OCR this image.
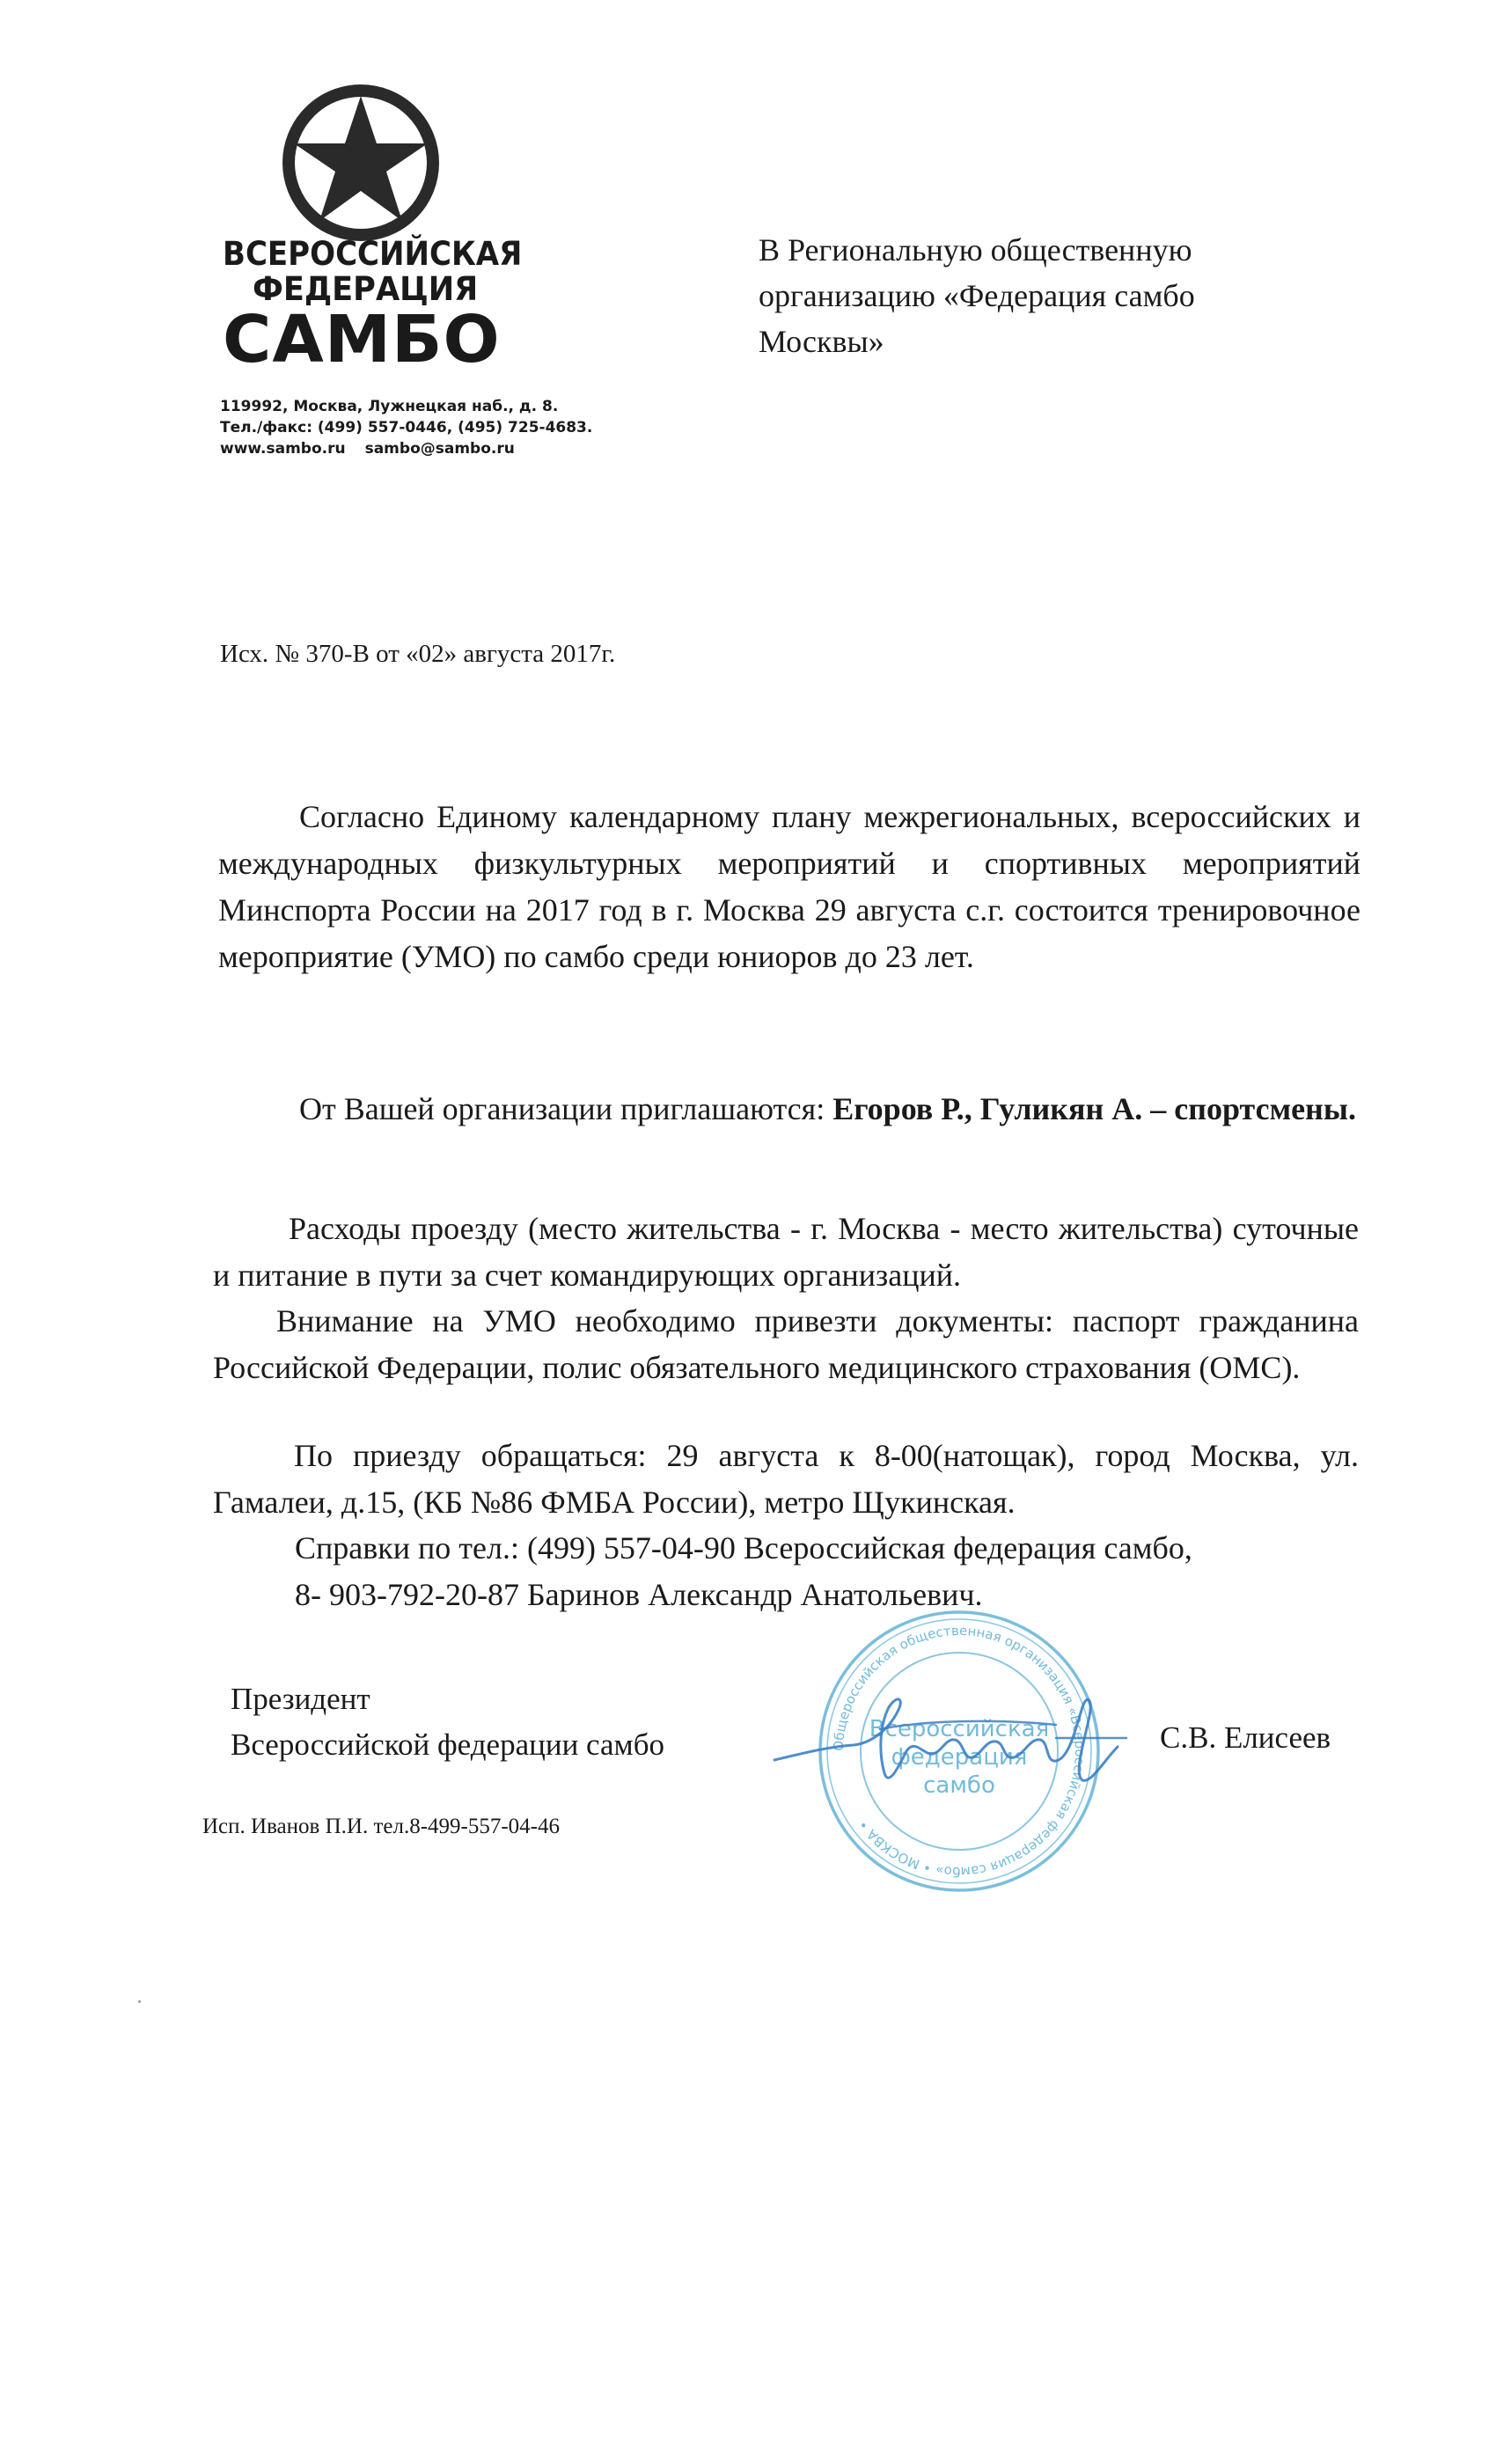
ВСЕРОССИЙСКАЯ
ФЕДЕРАЦИЯ
САМБО
119992, Москва, Лужнецкая наб., д. 8.
Тел./факс: (499) 557-0446, (495) 725-4683.
www.sambo.ru sambo@sambo.ru
В Региональную общественную
организацию «Федерация самбо
Москвы»
Исх. № 370-В от «02» августа 2017г.
Согласно Единому календарному плану межрегиональных, всероссийских и международных физкультурных мероприятий и спортивных мероприятий Минспорта России на 2017 год в г. Москва 29 августа с.г. состоится тренировочное мероприятие (УМО) по самбо среди юниоров до 23 лет.
От Вашей организации приглашаются: Егоров Р., Гуликян А. – спортсмены.
Расходы проезду (место жительства - г. Москва - место жительства) суточные и питание в пути за счет командирующих организаций.
Внимание на УМО необходимо привезти документы: паспорт гражданина Российской Федерации, полис обязательного медицинского страхования (ОМС).
По приезду обращаться: 29 августа к 8-00(натощак), город Москва, ул. Гамалеи, д.15, (КБ №86 ФМБА России), метро Щукинская.
Справки по тел.: (499) 557-04-90 Всероссийская федерация самбо,
8- 903-792-20-87 Баринов Александр Анатольевич.
Президент
Всероссийской федерации самбо	Общероссийская общественная организация «Всероссийская федерация самбо» • МОСКВА •
Всероссийская
федерация
самбо
С.В. Елисеев
Исп. Иванов П.И. тел.8-499-557-04-46
